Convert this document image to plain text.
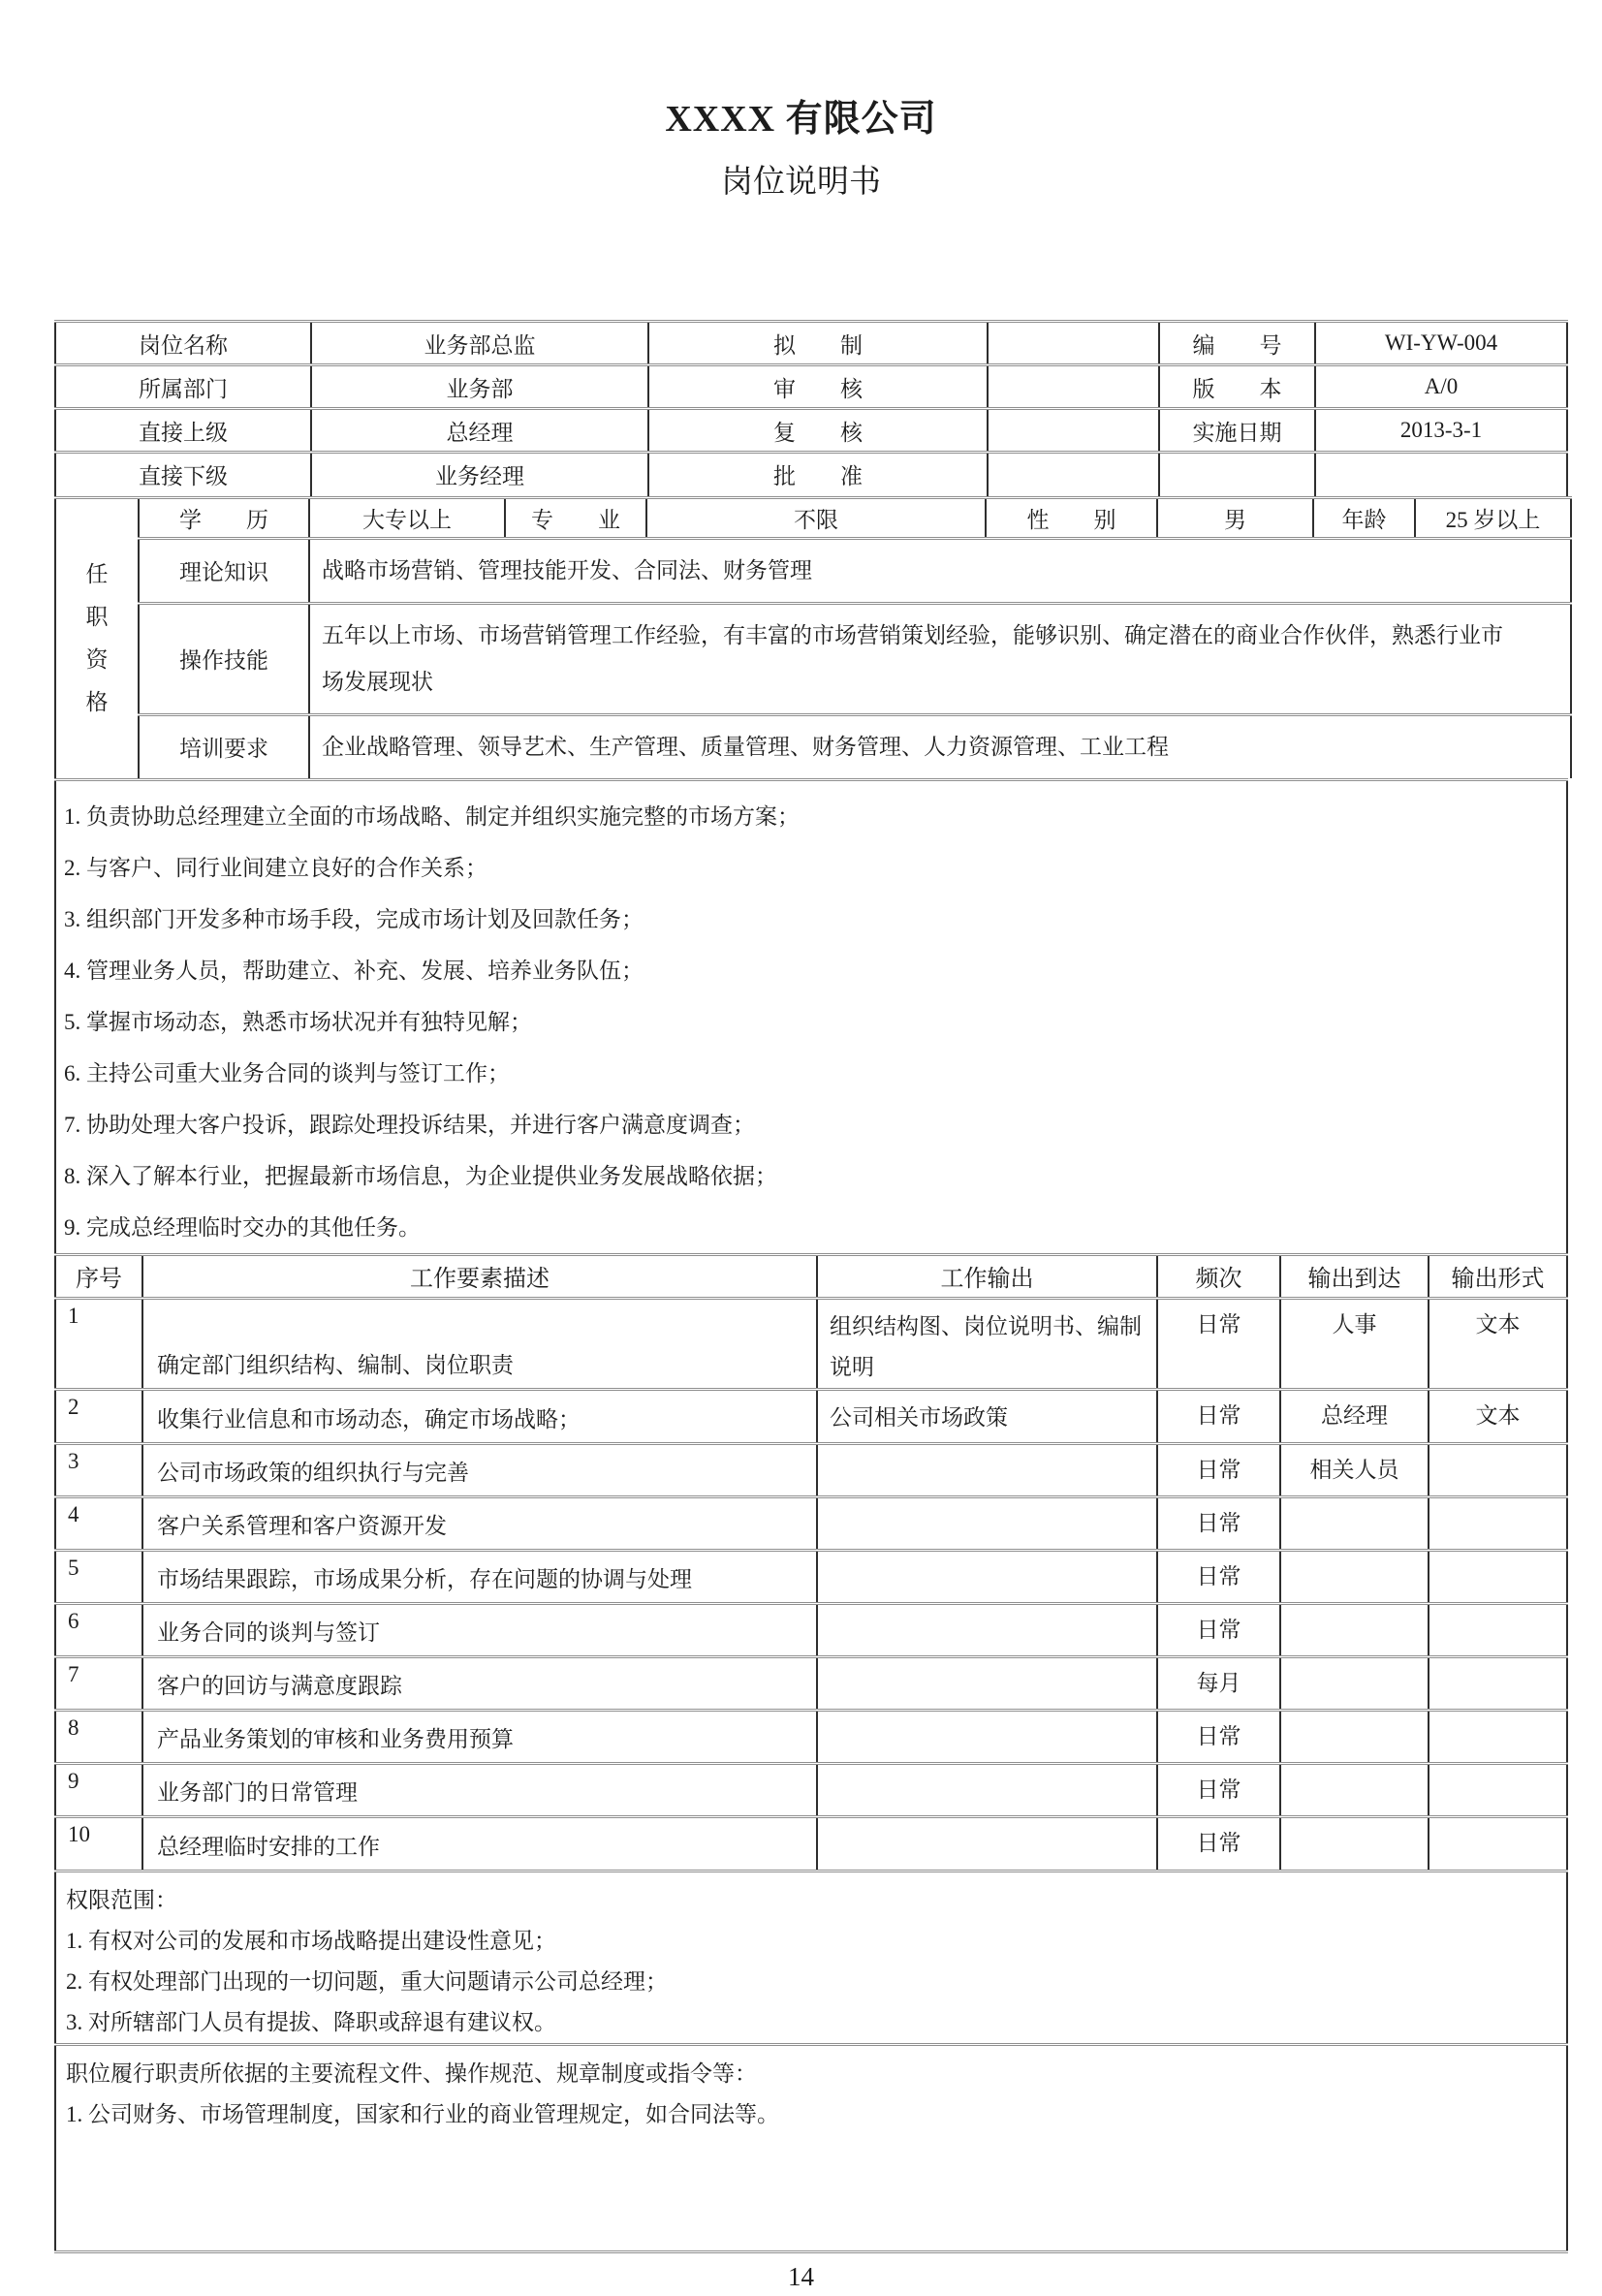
XXXX 有限公司
岗位说明书
岗位名称	业务部总监	拟　　制		编　　号	WI-YW-004
所属部门	业务部	审　　核		版　　本	A/0
直接上级	总经理	复　　核		实施日期	2013-3-1
直接下级	业务经理	批　　准			
任职资格	学　　历	大专以上	专　　业	不限	性　　别	男	年龄	25 岁以上
	理论知识	战略市场营销、管理技能开发、合同法、财务管理						
	操作技能	五年以上市场、市场营销管理工作经验，有丰富的市场营销策划经验，能够识别、确定潜在的商业合作伙伴，熟悉行业市场发展现状						
	培训要求	企业战略管理、领导艺术、生产管理、质量管理、财务管理、人力资源管理、工业工程						
1. 负责协助总经理建立全面的市场战略、制定并组织实施完整的市场方案；
2. 与客户、同行业间建立良好的合作关系；
3. 组织部门开发多种市场手段，完成市场计划及回款任务；
4. 管理业务人员，帮助建立、补充、发展、培养业务队伍；
5. 掌握市场动态，熟悉市场状况并有独特见解；
6. 主持公司重大业务合同的谈判与签订工作；
7. 协助处理大客户投诉，跟踪处理投诉结果，并进行客户满意度调查；
8. 深入了解本行业，把握最新市场信息，为企业提供业务发展战略依据；
9. 完成总经理临时交办的其他任务。
序号	工作要素描述	工作输出	频次	输出到达	输出形式
1	确定部门组织结构、编制、岗位职责	组织结构图、岗位说明书、编制说明	日常	人事	文本
2	收集行业信息和市场动态，确定市场战略；	公司相关市场政策	日常	总经理	文本
3	公司市场政策的组织执行与完善		日常	相关人员	
4	客户关系管理和客户资源开发		日常		
5	市场结果跟踪，市场成果分析，存在问题的协调与处理		日常		
6	业务合同的谈判与签订		日常		
7	客户的回访与满意度跟踪		每月		
8	产品业务策划的审核和业务费用预算		日常		
9	业务部门的日常管理		日常		
10	总经理临时安排的工作		日常		
权限范围：
1. 有权对公司的发展和市场战略提出建设性意见；
2. 有权处理部门出现的一切问题，重大问题请示公司总经理；
3. 对所辖部门人员有提拔、降职或辞退有建议权。
职位履行职责所依据的主要流程文件、操作规范、规章制度或指令等：
1. 公司财务、市场管理制度，国家和行业的商业管理规定，如合同法等。
14
